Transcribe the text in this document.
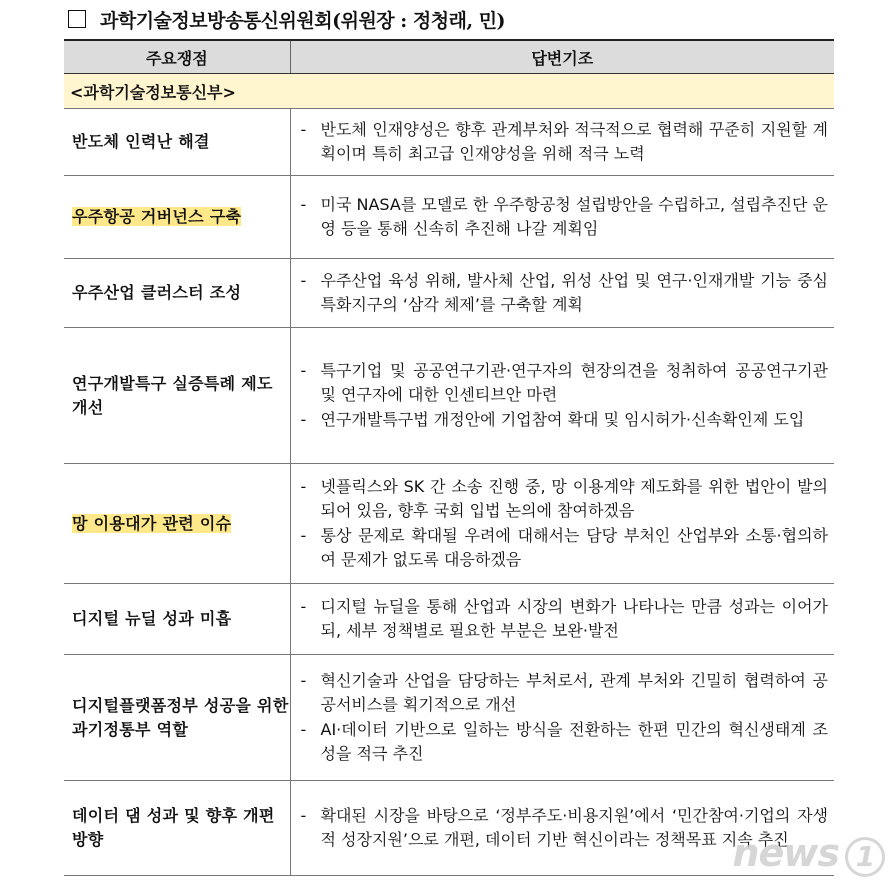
과학기술정보방송통신위원회(위원장 : 정청래, 민)
주요쟁점	답변기조
<과학기술정보통신부>	
반도체 인력난 해결	- 반도체 인재양성은 향후 관계부처와 적극적으로 협력해 꾸준히 지원할 계획이며 특히 최고급 인재양성을 위해 적극 노력

우주항공 거버넌스 구축	- 미국 NASA를 모델로 한 우주항공청 설립방안을 수립하고, 설립추진단 운영 등을 통해 신속히 추진해 나갈 계획임

우주산업 클러스터 조성	- 우주산업 육성 위해, 발사체 산업, 위성 산업 및 연구·인재개발 기능 중심 특화지구의 ‘삼각 체제’를 구축할 계획

연구개발특구 실증특례 제도 개선	- 특구기업 및 공공연구기관·연구자의 현장의견을 청취하여 공공연구기관 및 연구자에 대한 인센티브안 마련
- 연구개발특구법 개정안에 기업참여 확대 및 임시허가·신속확인제 도입

망 이용대가 관련 이슈	- 넷플릭스와 SK 간 소송 진행 중, 망 이용계약 제도화를 위한 법안이 발의되어 있음, 향후 국회 입법 논의에 참여하겠음
- 통상 문제로 확대될 우려에 대해서는 담당 부처인 산업부와 소통·협의하여 문제가 없도록 대응하겠음

디지털 뉴딜 성과 미흡	- 디지털 뉴딜을 통해 산업과 시장의 변화가 나타나는 만큼 성과는 이어가되, 세부 정책별로 필요한 부분은 보완·발전

디지털플랫폼정부 성공을 위한 과기정통부 역할	- 혁신기술과 산업을 담당하는 부처로서, 관계 부처와 긴밀히 협력하여 공공서비스를 획기적으로 개선
- AI·데이터 기반으로 일하는 방식을 전환하는 한편 민간의 혁신생태계 조성을 적극 추진

데이터 댐 성과 및 향후 개편방향	- 확대된 시장을 바탕으로 ‘정부주도·비용지원’에서 ‘민간참여·기업의 자생적 성장지원’으로 개편, 데이터 기반 혁신이라는 정책목표 지속 추진
news 1
